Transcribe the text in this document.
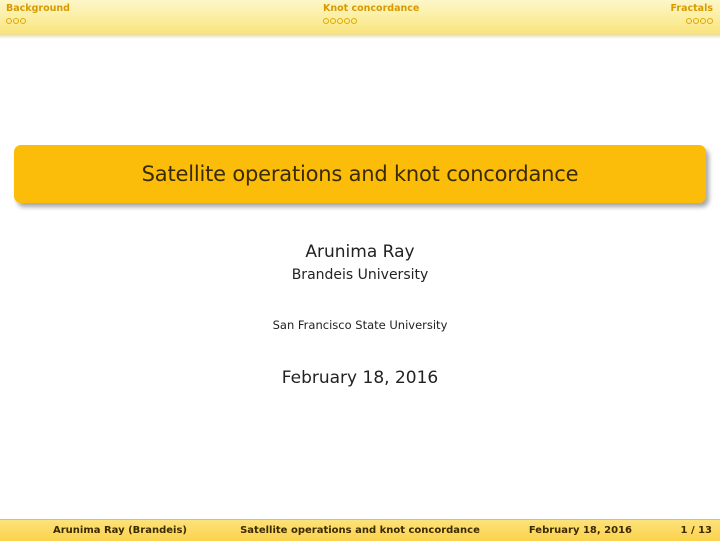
Background	Knot concordance	Fractals
Satellite operations and knot concordance
Arunima Ray
Brandeis University
San Francisco State University
February 18, 2016
Arunima Ray (Brandeis)	Satellite operations and knot concordance	February 18, 2016	1 / 13
